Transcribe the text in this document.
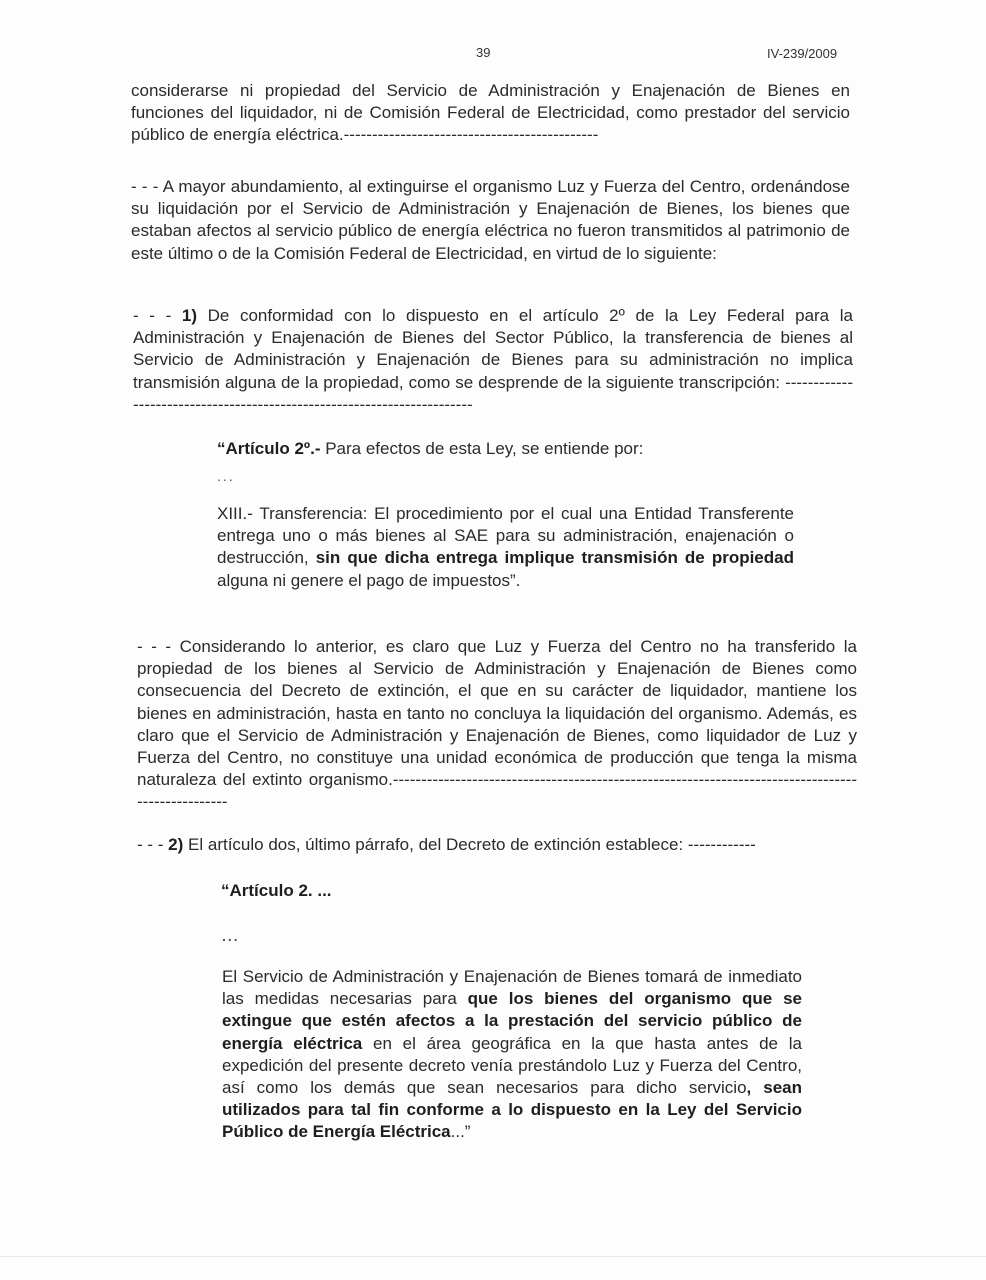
39	IV-239/2009

considerarse ni propiedad del Servicio de Administración y Enajenación de Bienes en funciones del liquidador, ni de Comisión Federal de Electricidad, como prestador del servicio público de energía eléctrica.---------------------------------------------

- - - A mayor abundamiento, al extinguirse el organismo Luz y Fuerza del Centro, ordenándose su liquidación por el Servicio de Administración y Enajenación de Bienes, los bienes que estaban afectos al servicio público de energía eléctrica no fueron transmitidos al patrimonio de este último o de la Comisión Federal de Electricidad, en virtud de lo siguiente:

- - - 1) De conformidad con lo dispuesto en el artículo 2º de la Ley Federal para la Administración y Enajenación de Bienes del Sector Público, la transferencia de bienes al Servicio de Administración y Enajenación de Bienes para su administración no implica transmisión alguna de la propiedad, como se desprende de la siguiente transcripción: ------------------------------------------------------------------------

“Artículo 2º.- Para efectos de esta Ley, se entiende por:
...

XIII.- Transferencia: El procedimiento por el cual una Entidad Transferente entrega uno o más bienes al SAE para su administración, enajenación o destrucción, sin que dicha entrega implique transmisión de propiedad alguna ni genere el pago de impuestos”.

- - - Considerando lo anterior, es claro que Luz y Fuerza del Centro no ha transferido la propiedad de los bienes al Servicio de Administración y Enajenación de Bienes como consecuencia del Decreto de extinción, el que en su carácter de liquidador, mantiene los bienes en administración, hasta en tanto no concluya la liquidación del organismo. Además, es claro que el Servicio de Administración y Enajenación de Bienes, como liquidador de Luz y Fuerza del Centro, no constituye una unidad económica de producción que tenga la misma naturaleza del extinto organismo.--------------------------------------------------------------------------------------------------

- - - 2) El artículo dos, último párrafo, del Decreto de extinción establece: ------------

“Artículo 2. ...
...

El Servicio de Administración y Enajenación de Bienes tomará de inmediato las medidas necesarias para que los bienes del organismo que se extingue que estén afectos a la prestación del servicio público de energía eléctrica en el área geográfica en la que hasta antes de la expedición del presente decreto venía prestándolo Luz y Fuerza del Centro, así como los demás que sean necesarios para dicho servicio, sean utilizados para tal fin conforme a lo dispuesto en la Ley del Servicio Público de Energía Eléctrica...”
